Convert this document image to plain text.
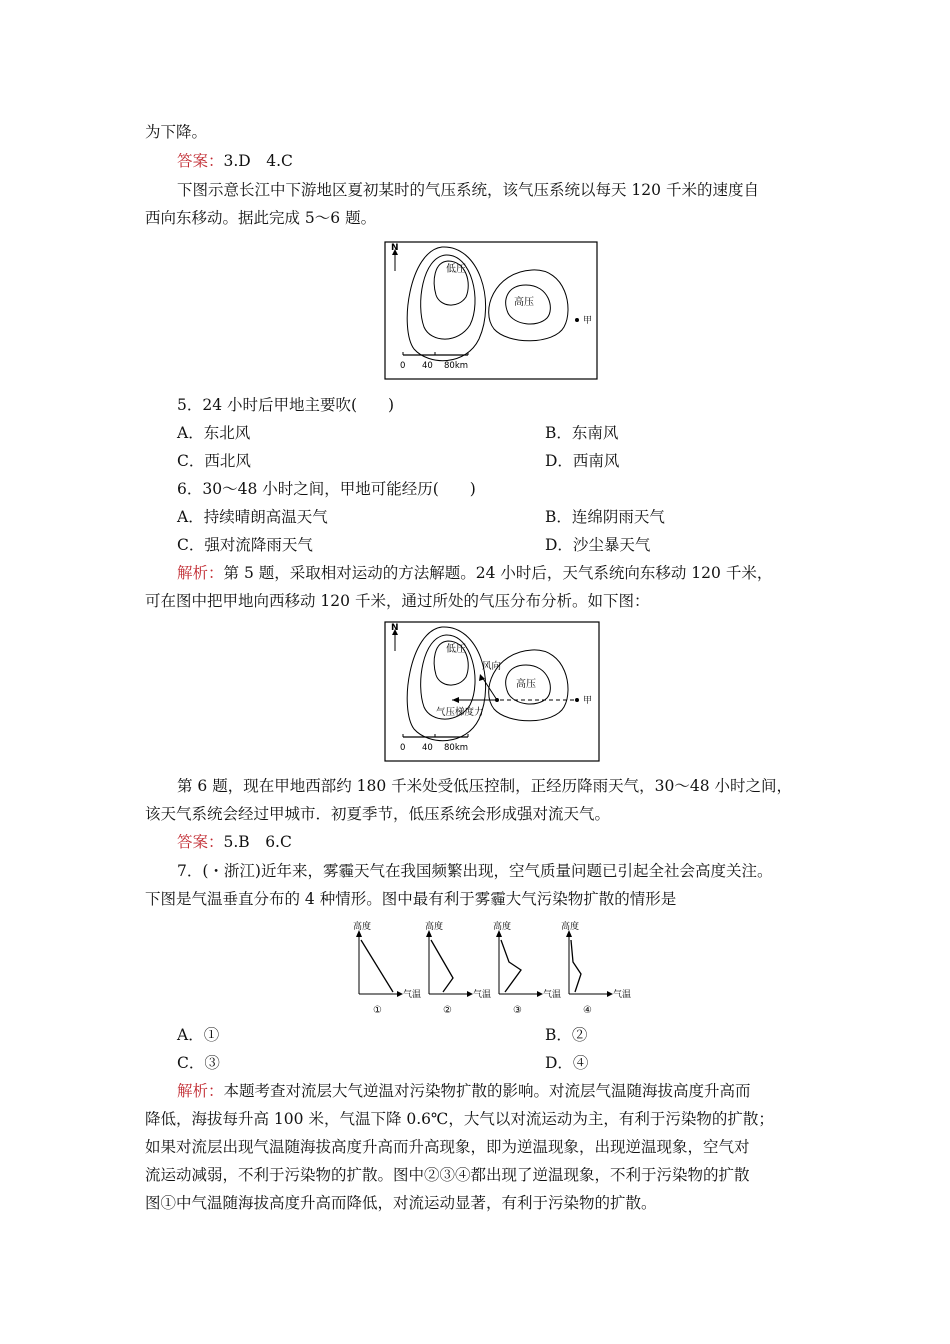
为下降。
答案：3.D　4.C
下图示意长江中下游地区夏初某时的气压系统，该气压系统以每天 120 千米的速度自
西向东移动。据此完成 5～6 题。
N
低压
高压
甲
0 40 80km
5．24 小时后甲地主要吹(　　)
A．东北风	B．东南风
C．西北风	D．西南风
6．30～48 小时之间，甲地可能经历(　　)
A．持续晴朗高温天气	B．连绵阴雨天气
C．强对流降雨天气	D．沙尘暴天气
解析：第 5 题，采取相对运动的方法解题。24 小时后，天气系统向东移动 120 千米，
可在图中把甲地向西移动 120 千米，通过所处的气压分布分析。如下图：
N
低压
高压
甲
风向
气压梯度力
0 40 80km
第 6 题，现在甲地西部约 180 千米处受低压控制，正经历降雨天气，30～48 小时之间，
该天气系统会经过甲城市．初夏季节，低压系统会形成强对流天气。
答案：5.B　6.C
7．(・浙江)近年来，雾霾天气在我国频繁出现，空气质量问题已引起全社会高度关注。
下图是气温垂直分布的 4 种情形。图中最有利于雾霾大气污染物扩散的情形是
高度
气温
①
高度
气温
②
高度
气温
③
高度
气温
④
A．①	B．②
C．③	D．④
解析：本题考查对流层大气逆温对污染物扩散的影响。对流层气温随海拔高度升高而
降低，海拔每升高 100 米，气温下降 0.6℃，大气以对流运动为主，有利于污染物的扩散；
如果对流层出现气温随海拔高度升高而升高现象，即为逆温现象，出现逆温现象，空气对
流运动减弱，不利于污染物的扩散。图中②③④都出现了逆温现象，不利于污染物的扩散
图①中气温随海拔高度升高而降低，对流运动显著，有利于污染物的扩散。
